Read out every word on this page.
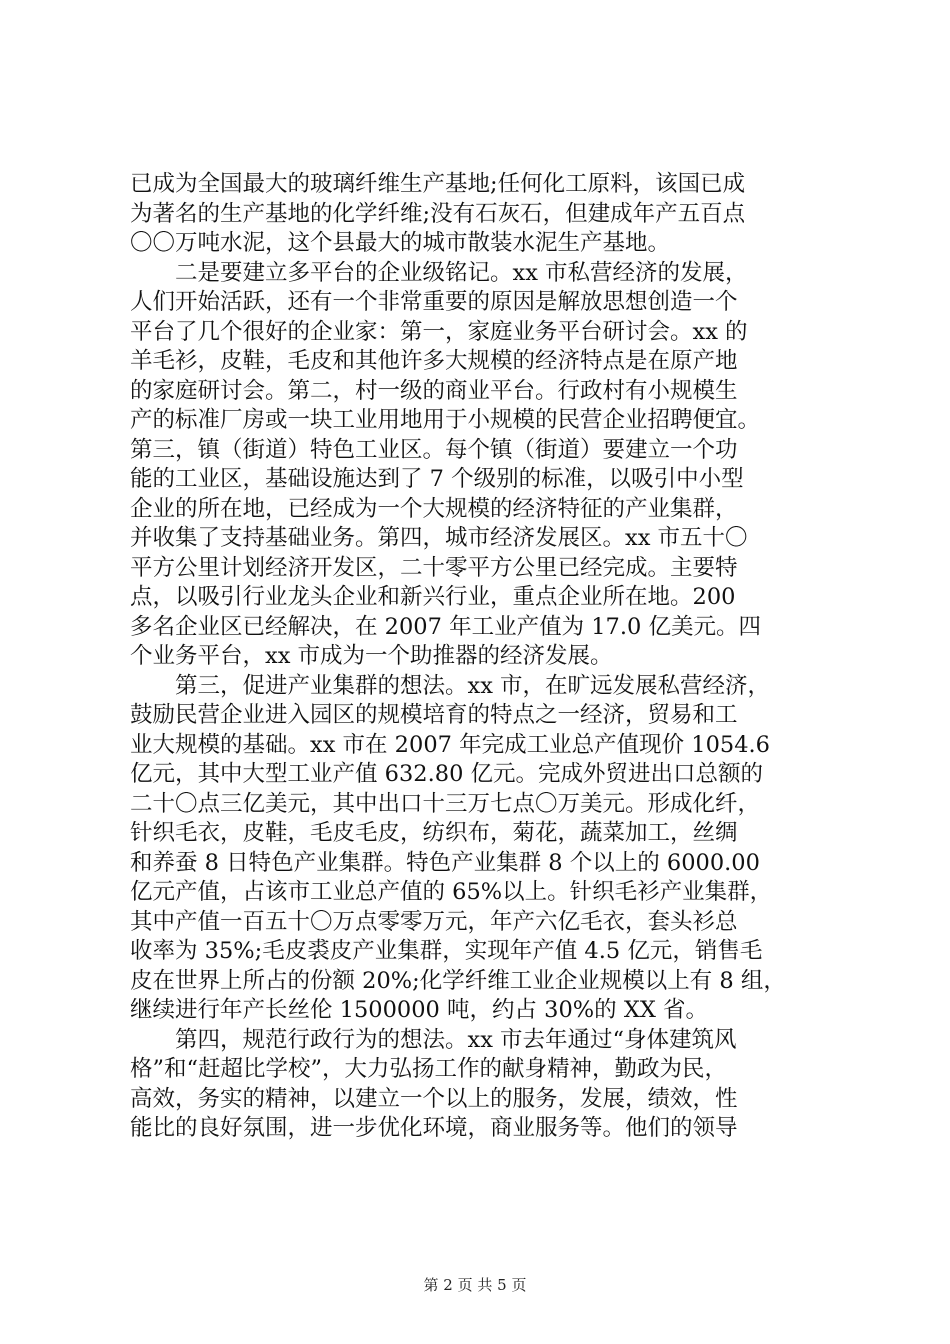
已成为全国最大的玻璃纤维生产基地;任何化工原料，该国已成
为著名的生产基地的化学纤维;没有石灰石，但建成年产五百点
〇〇万吨水泥，这个县最大的城市散装水泥生产基地。
　　二是要建立多平台的企业级铭记。xx 市私营经济的发展，
人们开始活跃，还有一个非常重要的原因是解放思想创造一个
平台了几个很好的企业家：第一，家庭业务平台研讨会。xx 的
羊毛衫，皮鞋，毛皮和其他许多大规模的经济特点是在原产地
的家庭研讨会。第二，村一级的商业平台。行政村有小规模生
产的标准厂房或一块工业用地用于小规模的民营企业招聘便宜。
第三，镇（街道）特色工业区。每个镇（街道）要建立一个功
能的工业区，基础设施达到了 7 个级别的标准，以吸引中小型
企业的所在地，已经成为一个大规模的经济特征的产业集群，
并收集了支持基础业务。第四，城市经济发展区。xx 市五十〇
平方公里计划经济开发区，二十零平方公里已经完成。主要特
点，以吸引行业龙头企业和新兴行业，重点企业所在地。200
多名企业区已经解决，在 2007 年工业产值为 17.0 亿美元。四
个业务平台，xx 市成为一个助推器的经济发展。
　　第三，促进产业集群的想法。xx 市，在旷远发展私营经济，
鼓励民营企业进入园区的规模培育的特点之一经济，贸易和工
业大规模的基础。xx 市在 2007 年完成工业总产值现价 1054.6
亿元，其中大型工业产值 632.80 亿元。完成外贸进出口总额的
二十〇点三亿美元，其中出口十三万七点〇万美元。形成化纤，
针织毛衣，皮鞋，毛皮毛皮，纺织布，菊花，蔬菜加工，丝绸
和养蚕 8 日特色产业集群。特色产业集群 8 个以上的 6000.00
亿元产值，占该市工业总产值的 65%以上。针织毛衫产业集群，
其中产值一百五十〇万点零零万元，年产六亿毛衣，套头衫总
收率为 35%;毛皮裘皮产业集群，实现年产值 4.5 亿元，销售毛
皮在世界上所占的份额 20%;化学纤维工业企业规模以上有 8 组，
继续进行年产长丝伦 1500000 吨，约占 30%的 XX 省。
　　第四，规范行政行为的想法。xx 市去年通过“身体建筑风
格”和“赶超比学校”，大力弘扬工作的献身精神，勤政为民，
高效，务实的精神，以建立一个以上的服务，发展，绩效，性
能比的良好氛围，进一步优化环境，商业服务等。他们的领导
第 2 页 共 5 页
